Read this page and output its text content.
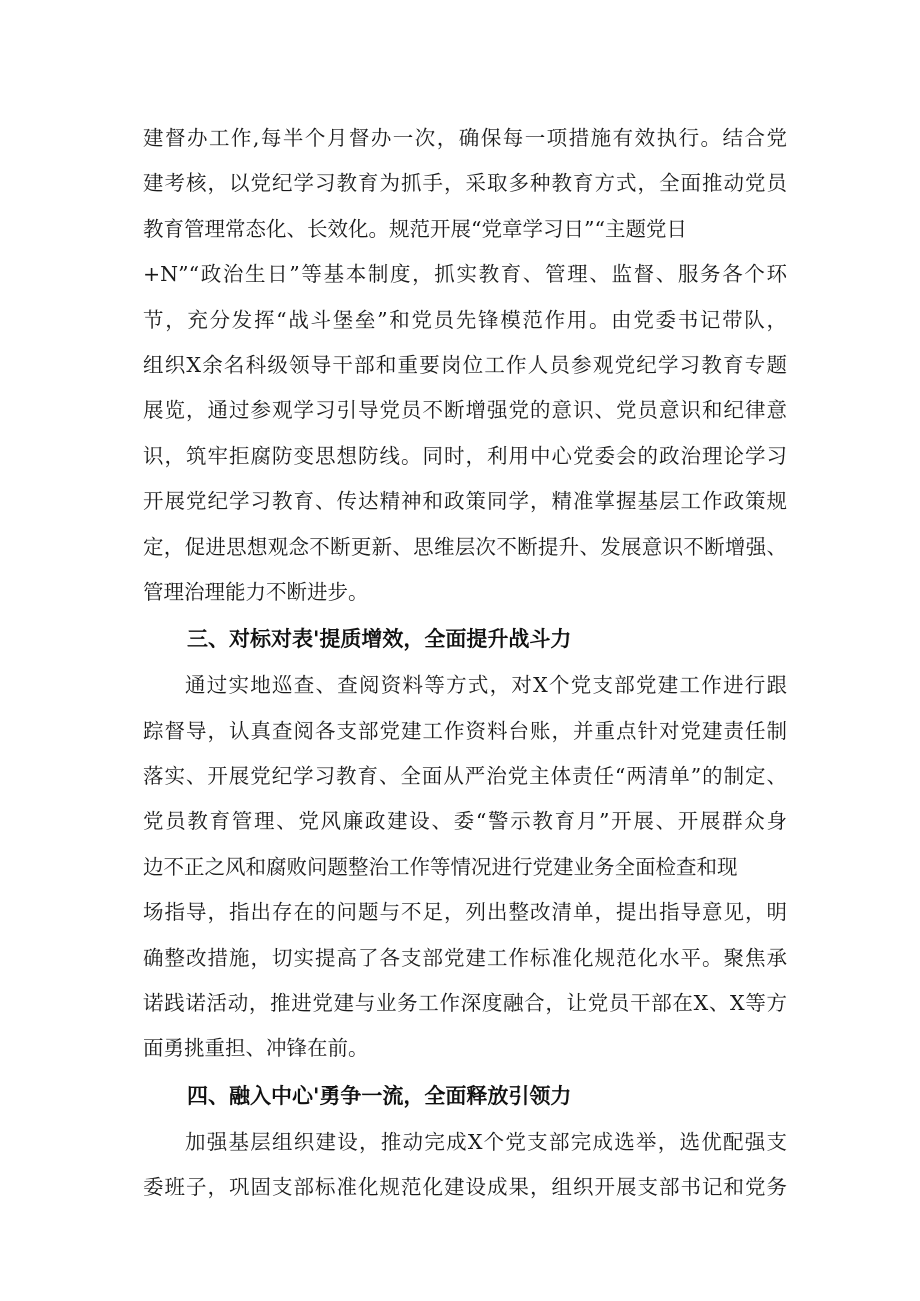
建督办工作,每半个月督办一次，确保每一项措施有效执行。结合党
建考核，以党纪学习教育为抓手，采取多种教育方式，全面推动党员
教育管理常态化、长效化。规范开展“党章学习日”“主题党日
+N”“政治生日”等基本制度，抓实教育、管理、监督、服务各个环
节，充分发挥“战斗堡垒”和党员先锋模范作用。由党委书记带队，
组织X余名科级领导干部和重要岗位工作人员参观党纪学习教育专题
展览，通过参观学习引导党员不断增强党的意识、党员意识和纪律意
识，筑牢拒腐防变思想防线。同时，利用中心党委会的政治理论学习
开展党纪学习教育、传达精神和政策同学，精准掌握基层工作政策规
定，促进思想观念不断更新、思维层次不断提升、发展意识不断增强、
管理治理能力不断进步。
三、对标对表'提质增效，全面提升战斗力
通过实地巡查、查阅资料等方式，对X个党支部党建工作进行跟
踪督导，认真查阅各支部党建工作资料台账，并重点针对党建责任制
落实、开展党纪学习教育、全面从严治党主体责任“两清单”的制定、
党员教育管理、党风廉政建设、委“警示教育月”开展、开展群众身
边不正之风和腐败问题整治工作等情况进行党建业务全面检查和现
场指导，指出存在的问题与不足，列出整改清单，提出指导意见，明
确整改措施，切实提高了各支部党建工作标准化规范化水平。聚焦承
诺践诺活动，推进党建与业务工作深度融合，让党员干部在X、X等方
面勇挑重担、冲锋在前。
四、融入中心'勇争一流，全面释放引领力
加强基层组织建设，推动完成X个党支部完成选举，选优配强支
委班子，巩固支部标准化规范化建设成果，组织开展支部书记和党务
